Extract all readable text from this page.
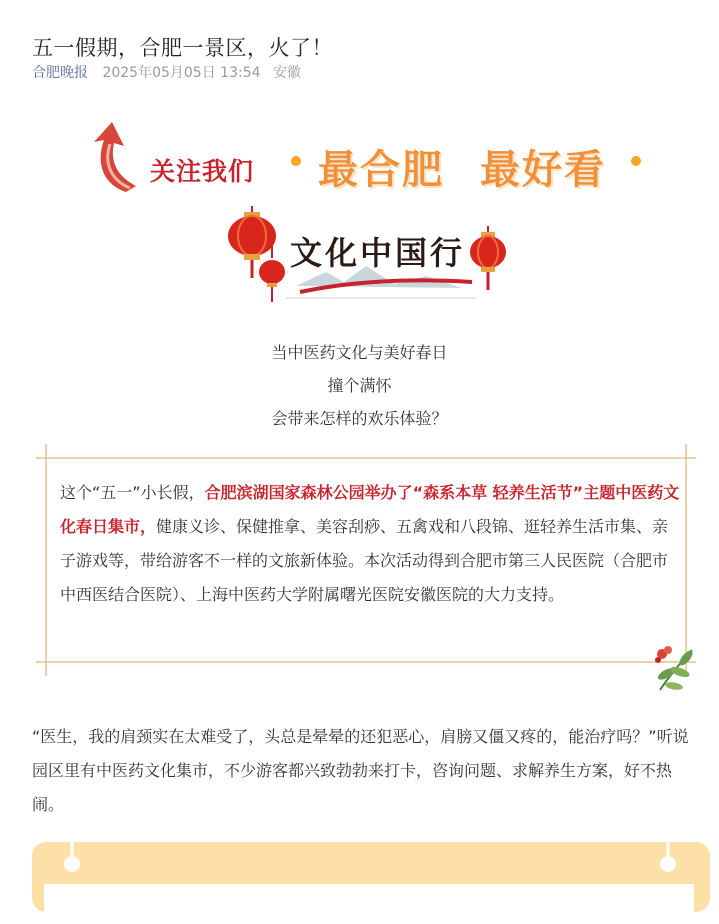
五一假期，合肥一景区，火了！
合肥晚报 2025年05月05日 13:54 安徽
关注我们 最合肥 最好看
文化中国行
当中医药文化与美好春日
撞个满怀
会带来怎样的欢乐体验？
这个“五一”小长假，合肥滨湖国家森林公园举办了“森系本草 轻养生活节”主题中医药文化春日集市，健康义诊、保健推拿、美容刮痧、五禽戏和八段锦、逛轻养生活市集、亲子游戏等，带给游客不一样的文旅新体验。本次活动得到合肥市第三人民医院（合肥市中西医结合医院）、上海中医药大学附属曙光医院安徽医院的大力支持。
“医生，我的肩颈实在太难受了，头总是晕晕的还犯恶心，肩膀又僵又疼的，能治疗吗？”听说园区里有中医药文化集市，不少游客都兴致勃勃来打卡，咨询问题、求解养生方案，好不热闹。
